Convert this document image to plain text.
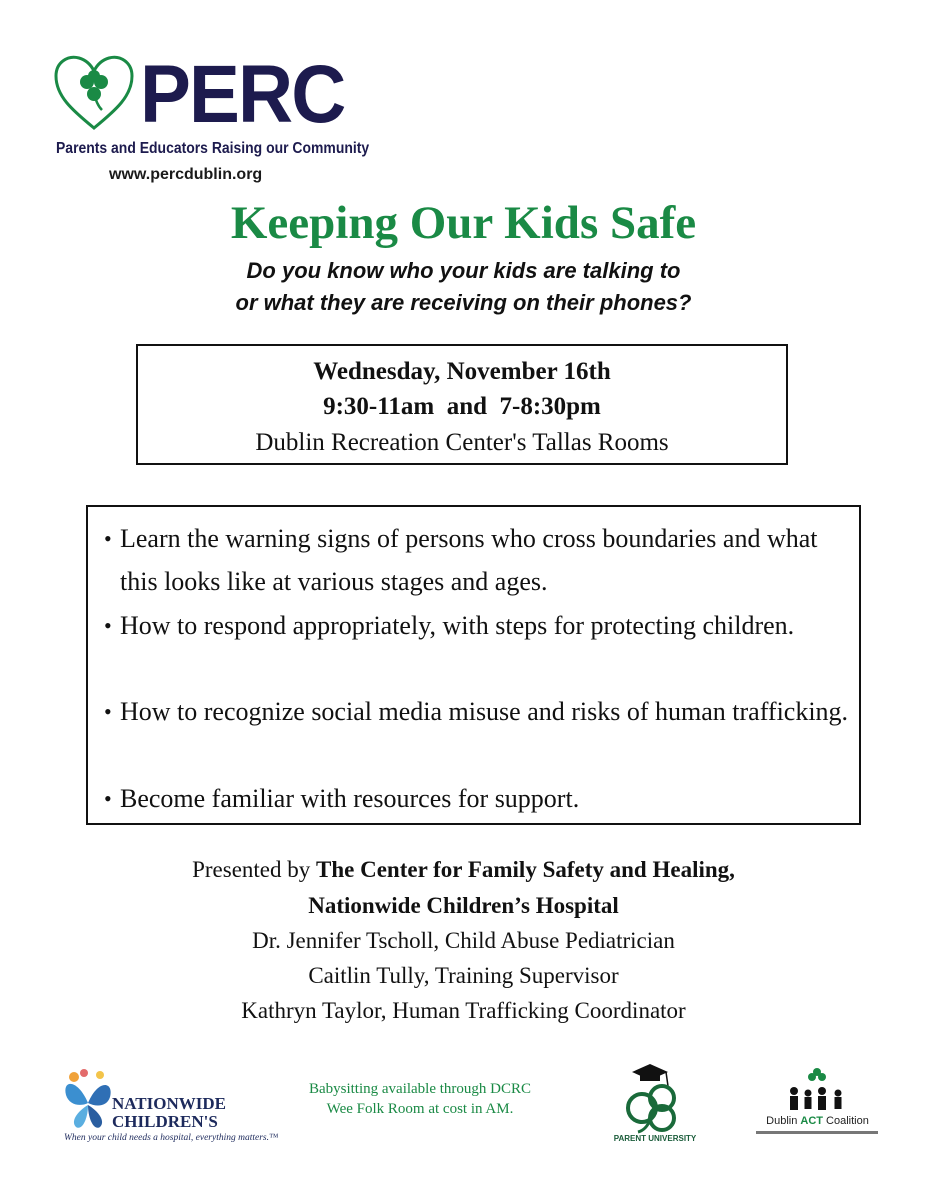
PERC
Parents and Educators Raising our Community
www.percdublin.org
Keeping Our Kids Safe
Do you know who your kids are talking to
or what they are receiving on their phones?
Wednesday, November 16th
9:30-11am  and  7-8:30pm
Dublin Recreation Center's Tallas Rooms
• Learn the warning signs of persons who cross boundaries and what this looks like at various stages and ages.
• How to respond appropriately, with steps for protecting children.
• How to recognize social media misuse and risks of human trafficking.
• Become familiar with resources for support.
Presented by The Center for Family Safety and Healing,
Nationwide Children’s Hospital
Dr. Jennifer Tscholl, Child Abuse Pediatrician
Caitlin Tully, Training Supervisor
Kathryn Taylor, Human Trafficking Coordinator
NATIONWIDE CHILDREN'S
When your child needs a hospital, everything matters.™
Babysitting available through DCRC
Wee Folk Room at cost in AM.
PARENT UNIVERSITY
Dublin ACT Coalition
